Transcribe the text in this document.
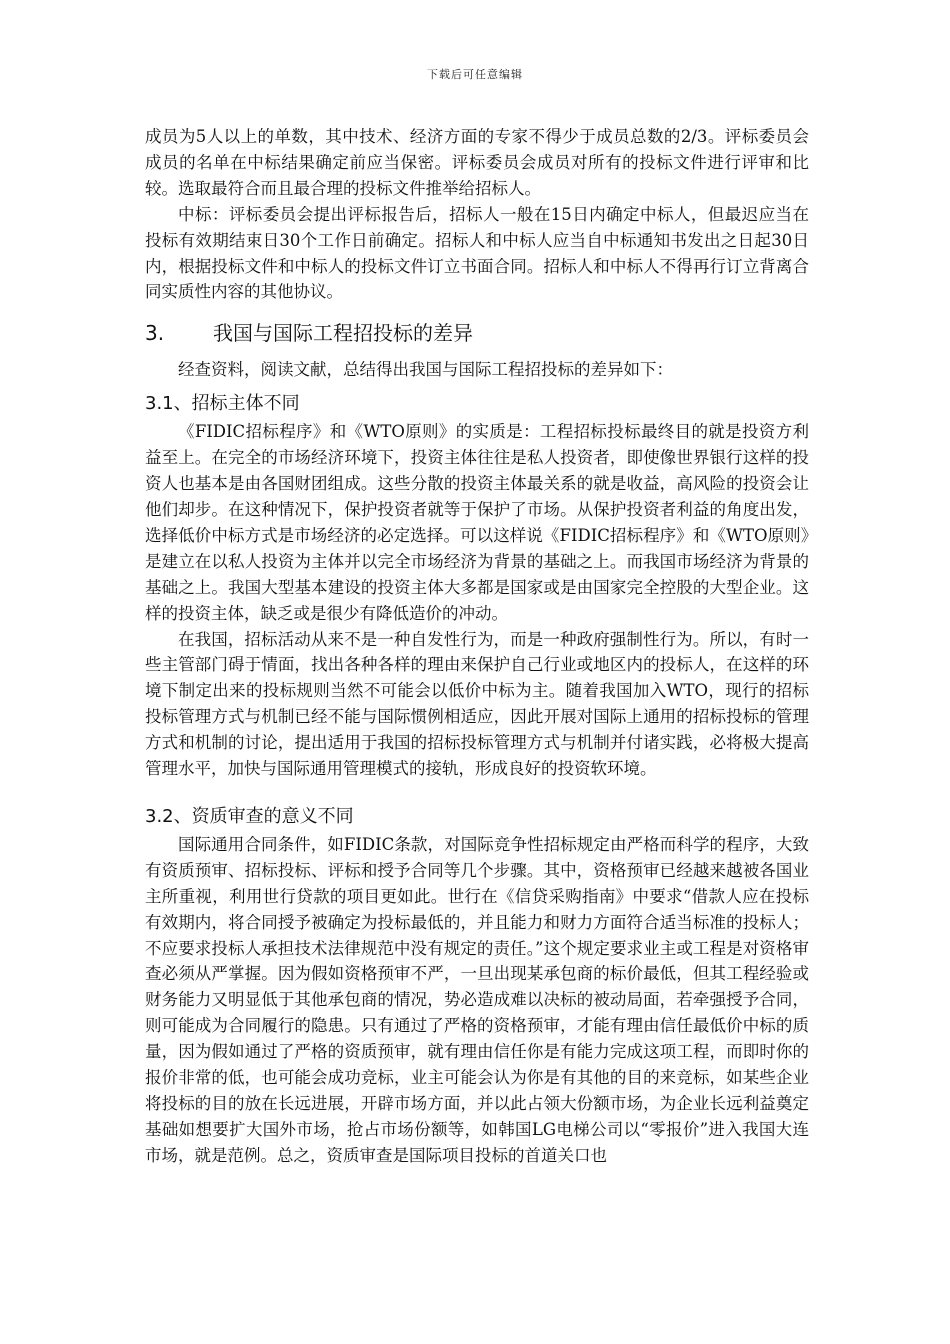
下载后可任意编辑

成员为5人以上的单数，其中技术、经济方面的专家不得少于成员总数的2/3。评标委员会成员的名单在中标结果确定前应当保密。评标委员会成员对所有的投标文件进行评审和比较。选取最符合而且最合理的投标文件推举给招标人。

中标：评标委员会提出评标报告后，招标人一般在15日内确定中标人，但最迟应当在投标有效期结束日30个工作日前确定。招标人和中标人应当自中标通知书发出之日起30日内，根据投标文件和中标人的投标文件订立书面合同。招标人和中标人不得再行订立背离合同实质性内容的其他协议。

3.	我国与国际工程招投标的差异

经查资料，阅读文献，总结得出我国与国际工程招投标的差异如下：

3.1、招标主体不同

《FIDIC招标程序》和《WTO原则》的实质是：工程招标投标最终目的就是投资方利益至上。在完全的市场经济环境下，投资主体往往是私人投资者，即使像世界银行这样的投资人也基本是由各国财团组成。这些分散的投资主体最关系的就是收益，高风险的投资会让他们却步。在这种情况下，保护投资者就等于保护了市场。从保护投资者利益的角度出发，选择低价中标方式是市场经济的必定选择。可以这样说《FIDIC招标程序》和《WTO原则》是建立在以私人投资为主体并以完全市场经济为背景的基础之上。而我国市场经济为背景的基础之上。我国大型基本建设的投资主体大多都是国家或是由国家完全控股的大型企业。这样的投资主体，缺乏或是很少有降低造价的冲动。

在我国，招标活动从来不是一种自发性行为，而是一种政府强制性行为。所以，有时一些主管部门碍于情面，找出各种各样的理由来保护自己行业或地区内的投标人，在这样的环境下制定出来的投标规则当然不可能会以低价中标为主。随着我国加入WTO，现行的招标投标管理方式与机制已经不能与国际惯例相适应，因此开展对国际上通用的招标投标的管理方式和机制的讨论，提出适用于我国的招标投标管理方式与机制并付诸实践，必将极大提高管理水平，加快与国际通用管理模式的接轨，形成良好的投资软环境。

3.2、资质审查的意义不同

国际通用合同条件，如FIDIC条款，对国际竞争性招标规定由严格而科学的程序，大致有资质预审、招标投标、评标和授予合同等几个步骤。其中，资格预审已经越来越被各国业主所重视，利用世行贷款的项目更如此。世行在《信贷采购指南》中要求“借款人应在投标有效期内，将合同授予被确定为投标最低的，并且能力和财力方面符合适当标准的投标人；不应要求投标人承担技术法律规范中没有规定的责任。”这个规定要求业主或工程是对资格审查必须从严掌握。因为假如资格预审不严，一旦出现某承包商的标价最低，但其工程经验或财务能力又明显低于其他承包商的情况，势必造成难以决标的被动局面，若牵强授予合同，则可能成为合同履行的隐患。只有通过了严格的资格预审，才能有理由信任最低价中标的质量，因为假如通过了严格的资质预审，就有理由信任你是有能力完成这项工程，而即时你的报价非常的低，也可能会成功竞标，业主可能会认为你是有其他的目的来竞标，如某些企业将投标的目的放在长远进展，开辟市场方面，并以此占领大份额市场，为企业长远利益奠定基础如想要扩大国外市场，抢占市场份额等，如韩国LG电梯公司以“零报价”进入我国大连市场，就是范例。总之，资质审查是国际项目投标的首道关口也
